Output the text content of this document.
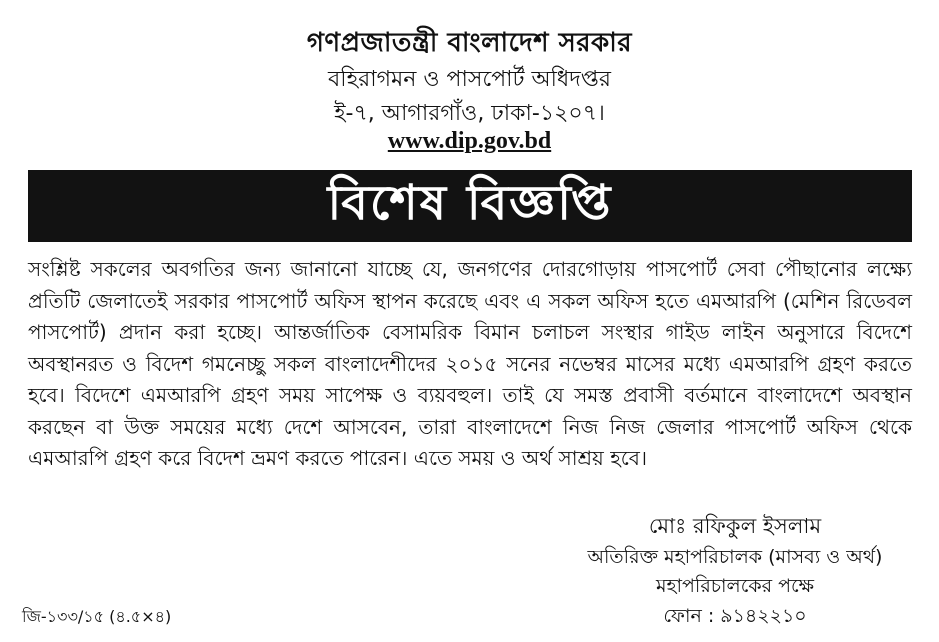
গণপ্রজাতন্ত্রী বাংলাদেশ সরকার
বহিরাগমন ও পাসপোর্ট অধিদপ্তর
ই-৭, আগারগাঁও, ঢাকা-১২০৭।
www.dip.gov.bd
বিশেষ বিজ্ঞপ্তি
সংশ্লিষ্ট সকলের অবগতির জন্য জানানো যাচ্ছে যে, জনগণের দোরগোড়ায় পাসপোর্ট সেবা পৌছানোর লক্ষ্যে প্রতিটি জেলাতেই সরকার পাসপোর্ট অফিস স্থাপন করেছে এবং এ সকল অফিস হতে এমআরপি (মেশিন রিডেবল পাসপোর্ট) প্রদান করা হচ্ছে। আন্তর্জাতিক বেসামরিক বিমান চলাচল সংস্থার গাইড লাইন অনুসারে বিদেশে অবস্থানরত ও বিদেশ গমনেচ্ছু সকল বাংলাদেশীদের ২০১৫ সনের নভেম্বর মাসের মধ্যে এমআরপি গ্রহণ করতে হবে। বিদেশে এমআরপি গ্রহণ সময় সাপেক্ষ ও ব্যয়বহুল। তাই যে সমস্ত প্রবাসী বর্তমানে বাংলাদেশে অবস্থান করছেন বা উক্ত সময়ের মধ্যে দেশে আসবেন, তারা বাংলাদেশে নিজ নিজ জেলার পাসপোর্ট অফিস থেকে এমআরপি গ্রহণ করে বিদেশ ভ্রমণ করতে পারেন। এতে সময় ও অর্থ সাশ্রয় হবে।
মোঃ রফিকুল ইসলাম
অতিরিক্ত মহাপরিচালক (মাসব্য ও অর্থ)
মহাপরিচালকের পক্ষে
ফোন : ৯১৪২২১০
জি-১৩৩/১৫ (৪.৫×৪)
